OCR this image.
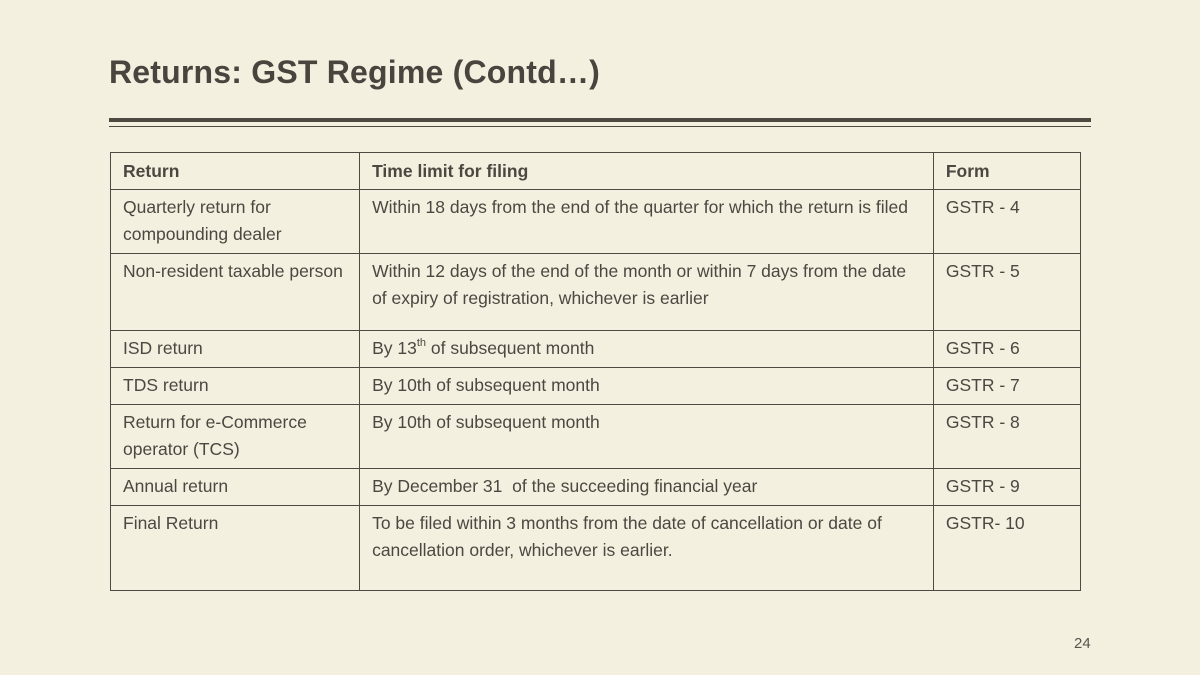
Returns: GST Regime (Contd…)
Return	Time limit for filing	Form
Quarterly return for compounding dealer	Within 18 days from the end of the quarter for which the return is filed	GSTR - 4
Non-resident taxable person	Within 12 days of the end of the month or within 7 days from the date of expiry of registration, whichever is earlier	GSTR - 5
ISD return	By 13th of subsequent month	GSTR - 6
TDS return	By 10th of subsequent month	GSTR - 7
Return for e-Commerce operator (TCS)	By 10th of subsequent month	GSTR - 8
Annual return	By December 31  of the succeeding financial year	GSTR - 9
Final Return	To be filed within 3 months from the date of cancellation or date of cancellation order, whichever is earlier.	GSTR- 10
24
